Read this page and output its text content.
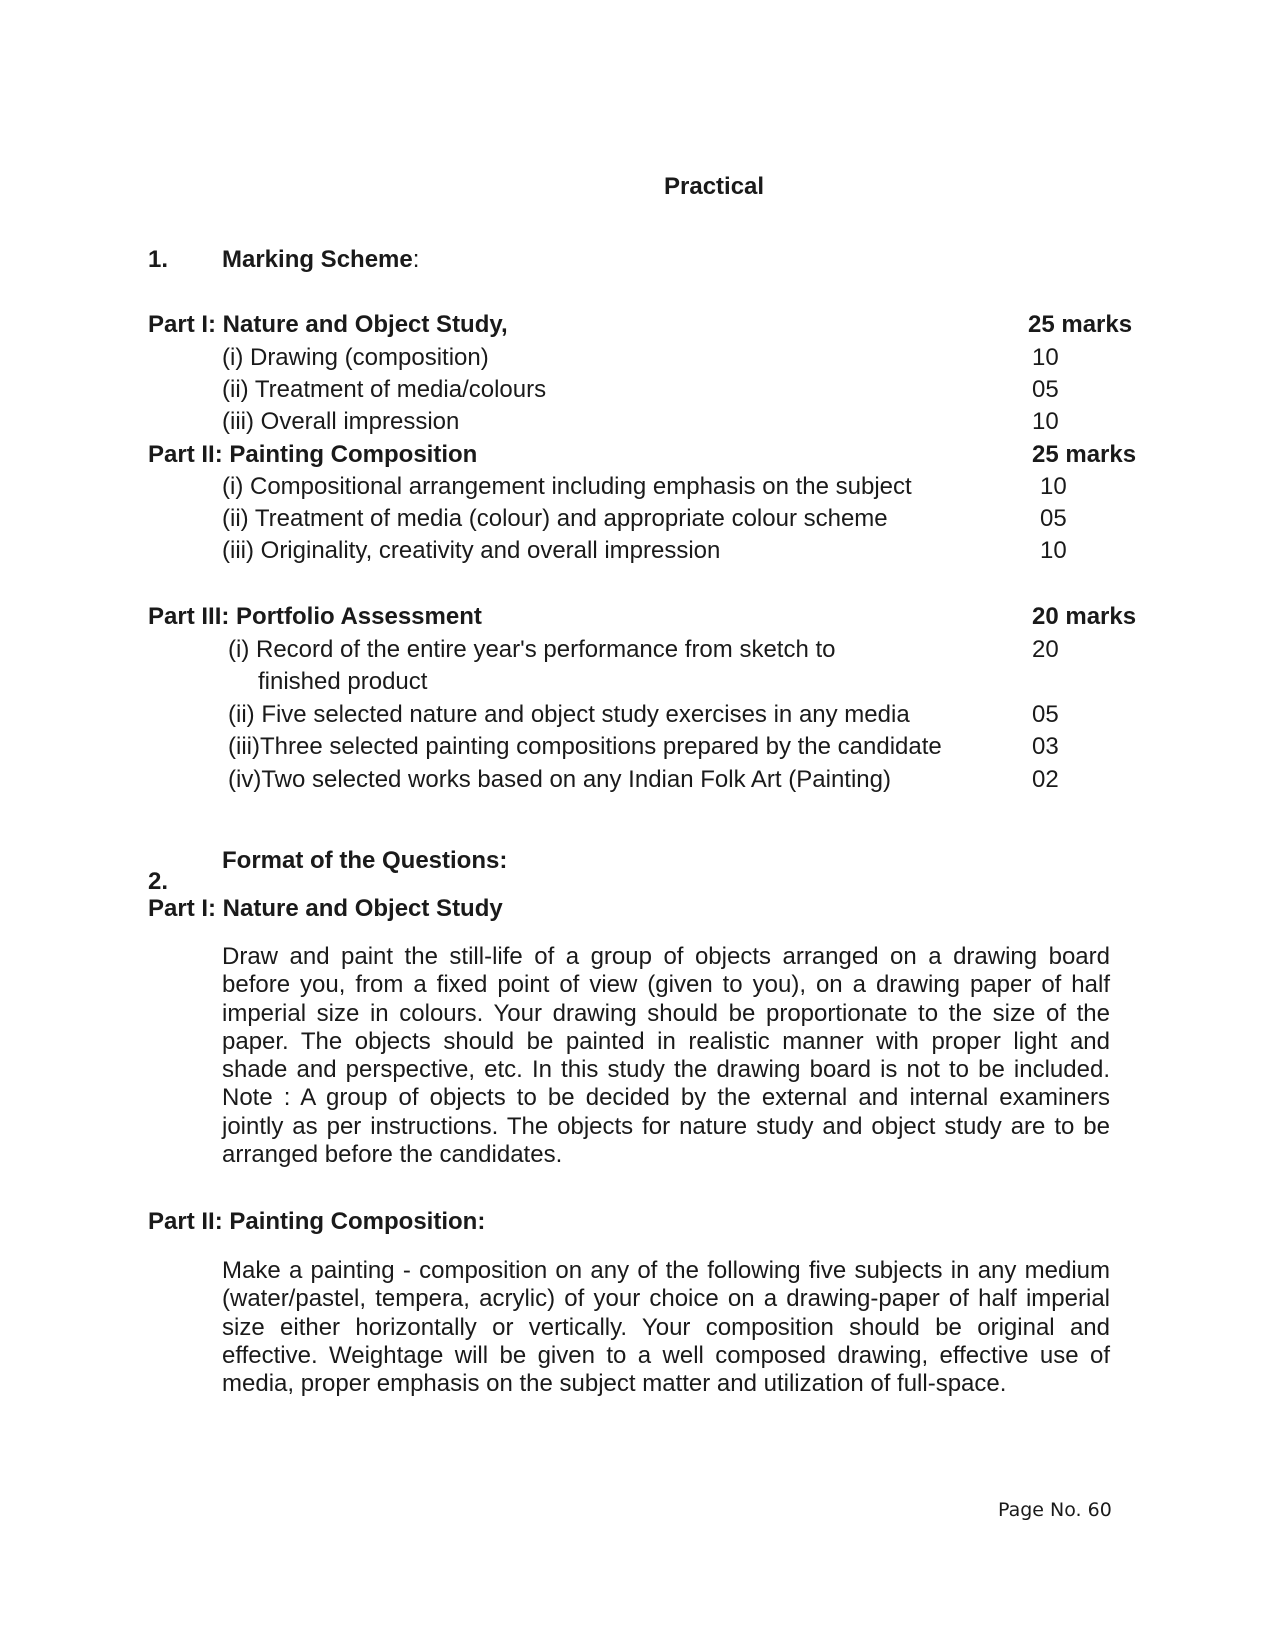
Practical
1. Marking Scheme:
Part I: Nature and Object Study,	25 marks
(i) Drawing (composition)	10
(ii) Treatment of media/colours	05
(iii) Overall impression	10
Part II: Painting Composition	25 marks
(i) Compositional arrangement including emphasis on the subject	10
(ii) Treatment of media (colour) and appropriate colour scheme	05
(iii) Originality, creativity and overall impression	10
Part III: Portfolio Assessment	20 marks
(i) Record of the entire year's performance from sketch to	20
finished product
(ii) Five selected nature and object study exercises in any media	05
(iii)Three selected painting compositions prepared by the candidate	03
(iv)Two selected works based on any Indian Folk Art (Painting)	02
Format of the Questions:
2.
Part I: Nature and Object Study
Draw and paint the still-life of a group of objects arranged on a drawing board before you, from a fixed point of view (given to you), on a drawing paper of half imperial size in colours. Your drawing should be proportionate to the size of the paper. The objects should be painted in realistic manner with proper light and shade and perspective, etc. In this study the drawing board is not to be included. Note : A group of objects to be decided by the external and internal examiners jointly as per instructions. The objects for nature study and object study are to be arranged before the candidates.
Part II: Painting Composition:
Make a painting - composition on any of the following five subjects in any medium (water/pastel, tempera, acrylic) of your choice on a drawing-paper of half imperial size either horizontally or vertically. Your composition should be original and effective. Weightage will be given to a well composed drawing, effective use of media, proper emphasis on the subject matter and utilization of full-space.
Page No. 60
